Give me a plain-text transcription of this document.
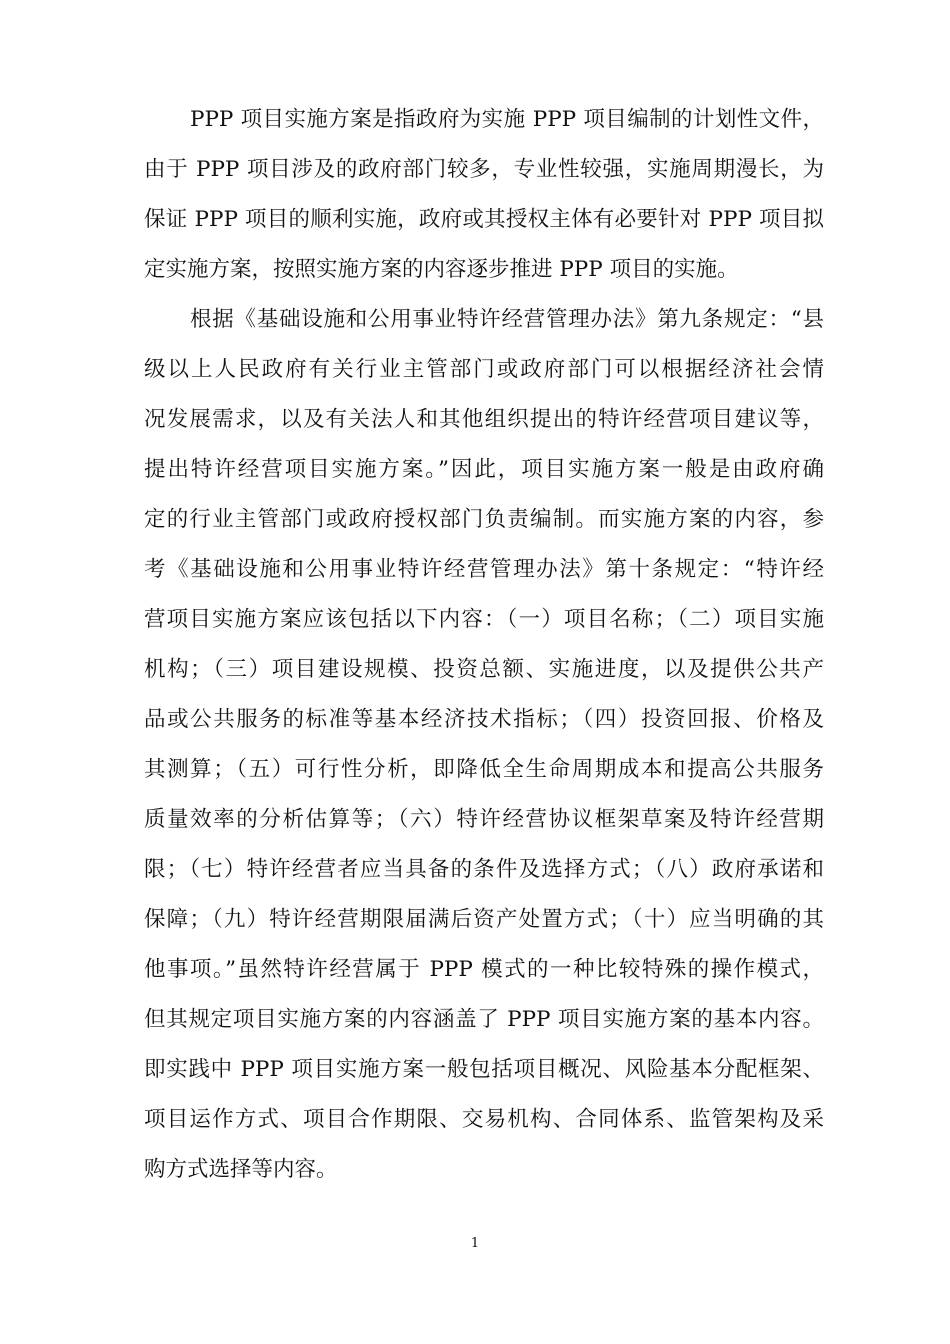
PPP 项目实施方案是指政府为实施 PPP 项目编制的计划性文件，
由于 PPP 项目涉及的政府部门较多，专业性较强，实施周期漫长，为
保证 PPP 项目的顺利实施，政府或其授权主体有必要针对 PPP 项目拟
定实施方案，按照实施方案的内容逐步推进 PPP 项目的实施。
根据《基础设施和公用事业特许经营管理办法》第九条规定：“县
级以上人民政府有关行业主管部门或政府部门可以根据经济社会情
况发展需求，以及有关法人和其他组织提出的特许经营项目建议等，
提出特许经营项目实施方案。”因此，项目实施方案一般是由政府确
定的行业主管部门或政府授权部门负责编制。而实施方案的内容，参
考《基础设施和公用事业特许经营管理办法》第十条规定：“特许经
营项目实施方案应该包括以下内容：（一）项目名称；（二）项目实施
机构；（三）项目建设规模、投资总额、实施进度，以及提供公共产
品或公共服务的标准等基本经济技术指标；（四）投资回报、价格及
其测算；（五）可行性分析，即降低全生命周期成本和提高公共服务
质量效率的分析估算等；（六）特许经营协议框架草案及特许经营期
限；（七）特许经营者应当具备的条件及选择方式；（八）政府承诺和
保障；（九）特许经营期限届满后资产处置方式；（十）应当明确的其
他事项。”虽然特许经营属于 PPP 模式的一种比较特殊的操作模式，
但其规定项目实施方案的内容涵盖了 PPP 项目实施方案的基本内容。
即实践中 PPP 项目实施方案一般包括项目概况、风险基本分配框架、
项目运作方式、项目合作期限、交易机构、合同体系、监管架构及采
购方式选择等内容。
1
